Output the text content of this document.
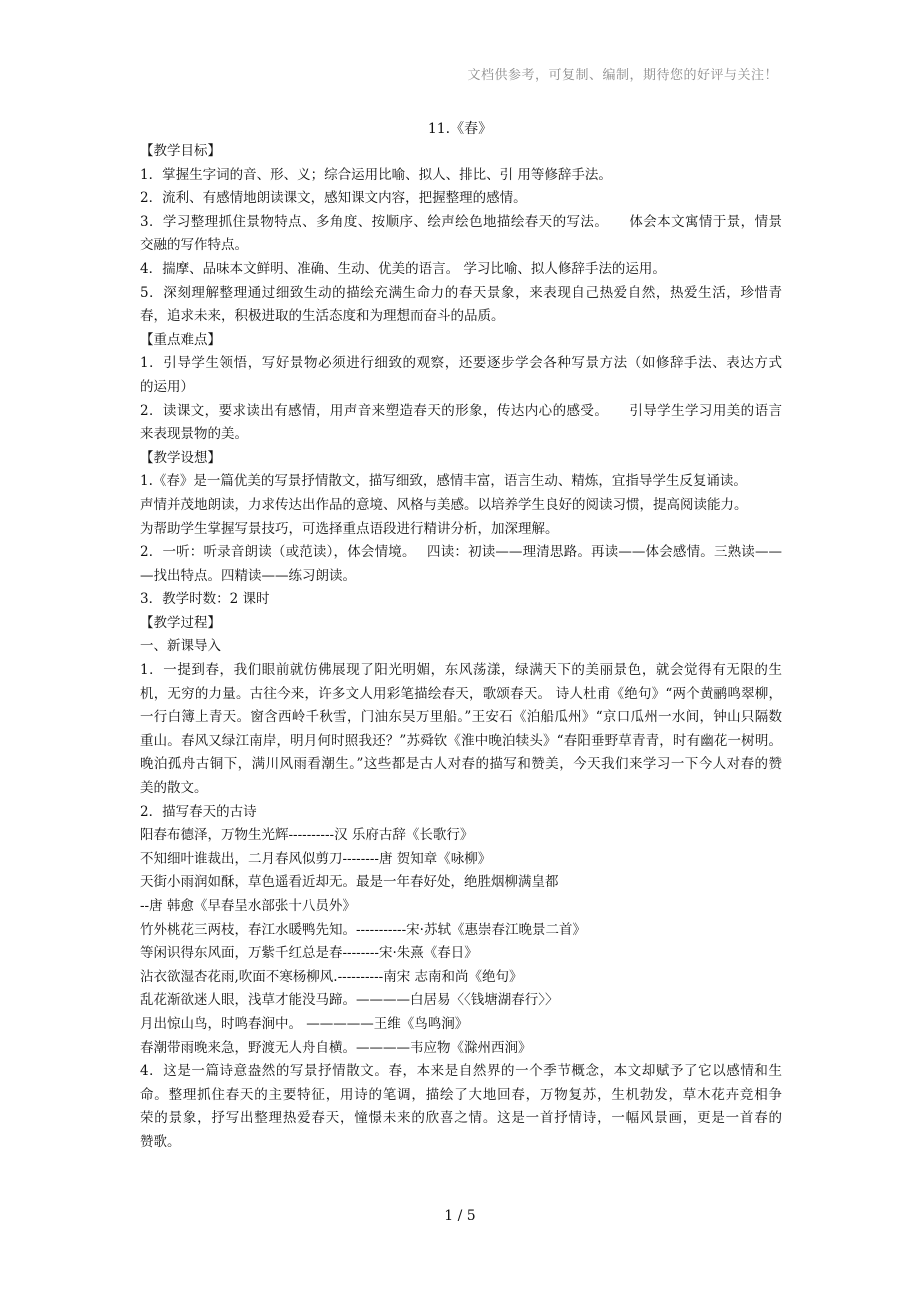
文档供参考，可复制、编制，期待您的好评与关注！
11.《春》
【教学目标】
1．掌握生字词的音、形、义；综合运用比喻、拟人、排比、引 用等修辞手法。
2．流利、有感情地朗读课文，感知课文内容，把握整理的感情。
3．学习整理抓住景物特点、多角度、按顺序、绘声绘色地描绘春天的写法。　　体会本文寓情于景，情景
交融的写作特点。
4．揣摩、品味本文鲜明、准确、生动、优美的语言。 学习比喻、拟人修辞手法的运用。
5．深刻理解整理通过细致生动的描绘充满生命力的春天景象，来表现自己热爱自然，热爱生活，珍惜青
春，追求未来，积极进取的生活态度和为理想而奋斗的品质。
【重点难点】
1．引导学生领悟，写好景物必须进行细致的观察，还要逐步学会各种写景方法（如修辞手法、表达方式
的运用）
2．读课文，要求读出有感情，用声音来塑造春天的形象，传达内心的感受。　　引导学生学习用美的语言
来表现景物的美。
【教学设想】
1.《春》是一篇优美的写景抒情散文，描写细致，感情丰富，语言生动、精炼，宜指导学生反复诵读。
声情并茂地朗读，力求传达出作品的意境、风格与美感。以培养学生良好的阅读习惯，提高阅读能力。
为帮助学生掌握写景技巧，可选择重点语段进行精讲分析，加深理解。
2．一听：听录音朗读（或范读），体会情境。　 四读：初读——理清思路。再读——体会感情。三熟读——
—找出特点。四精读——练习朗读。
3．教学时数：2 课时
【教学过程】
一、新课导入
1．一提到春，我们眼前就仿佛展现了阳光明媚，东风荡漾，绿满天下的美丽景色，就会觉得有无限的生
机，无穷的力量。古往今来，许多文人用彩笔描绘春天，歌颂春天。 诗人杜甫《绝句》“两个黄鹂鸣翠柳，
一行白簿上青天。窗含西岭千秋雪，门油东吴万里船。”王安石《泊船瓜州》“京口瓜州一水间，钟山只隔数
重山。春风又绿江南岸，明月何时照我还？”苏舜钦《淮中晚泊犊头》“春阳垂野草青青，时有幽花一树明。
晚泊孤舟古铜下，满川风雨看潮生。”这些都是古人对春的描写和赞美，今天我们来学习一下今人对春的赞
美的散文。
2．描写春天的古诗
阳春布德泽，万物生光辉----------汉 乐府古辞《长歌行》
不知细叶谁裁出，二月春风似剪刀--------唐 贺知章《咏柳》
天街小雨润如酥，草色遥看近却无。最是一年春好处，绝胜烟柳满皇都
--唐 韩愈《早春呈水部张十八员外》
竹外桃花三两枝，春江水暖鸭先知。-----------宋·苏轼《惠崇春江晚景二首》
等闲识得东风面，万紫千红总是春--------宋·朱熹《春日》
沾衣欲湿杏花雨,吹面不寒杨柳风.----------南宋 志南和尚《绝句》
乱花渐欲迷人眼，浅草才能没马蹄。————白居易〈〈钱塘湖春行〉〉
月出惊山鸟，时鸣春涧中。 —————王维《鸟鸣涧》
春潮带雨晚来急，野渡无人舟自横。————韦应物《滁州西涧》
4．这是一篇诗意盎然的写景抒情散文。春，本来是自然界的一个季节概念，本文却赋予了它以感情和生
命。整理抓住春天的主要特征，用诗的笔调，描绘了大地回春，万物复苏，生机勃发，草木花卉竞相争
荣的景象，抒写出整理热爱春天，憧憬未来的欣喜之情。这是一首抒情诗，一幅风景画，更是一首春的
赞歌。
1 / 5
